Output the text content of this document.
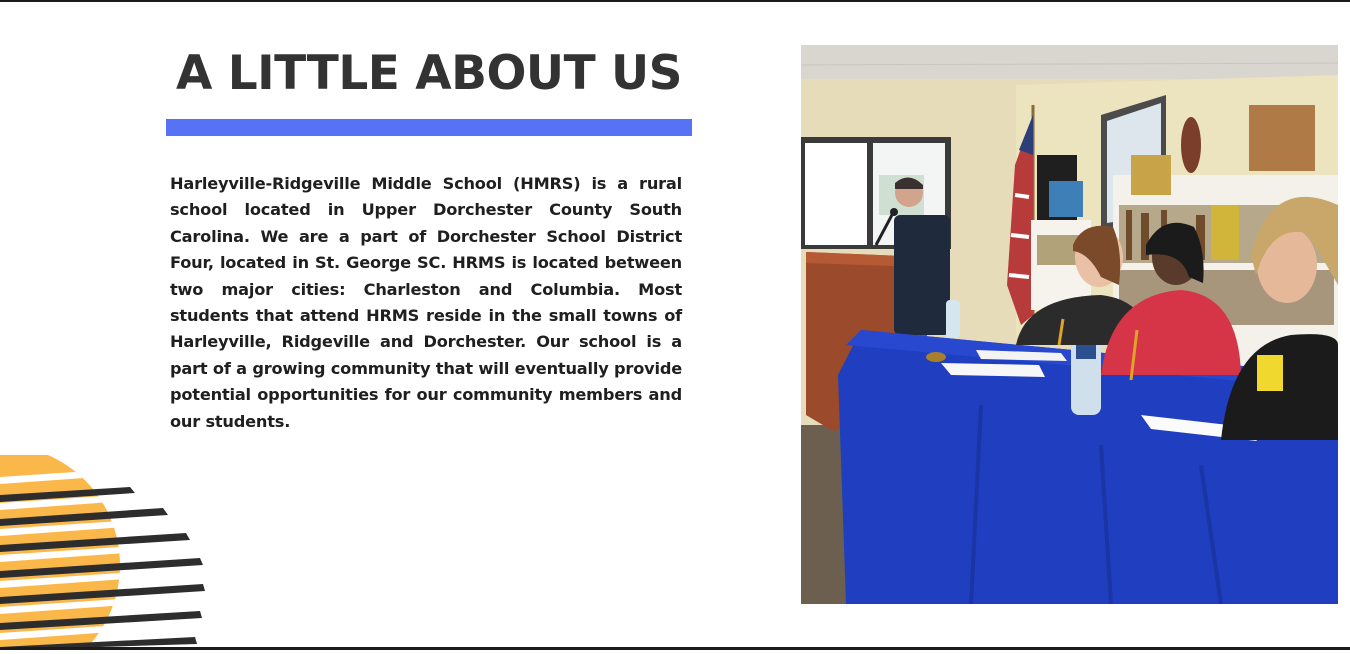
A LITTLE ABOUT US

Harleyville-Ridgeville Middle School (HMRS) is a rural school located in Upper Dorchester County South Carolina. We are a part of Dorchester School District Four, located in St. George SC. HRMS is located between two major cities: Charleston and Columbia. Most students that attend HRMS reside in the small towns of Harleyville, Ridgeville and Dorchester. Our school is a part of a growing community that will eventually provide potential opportunities for our community members and our students.
